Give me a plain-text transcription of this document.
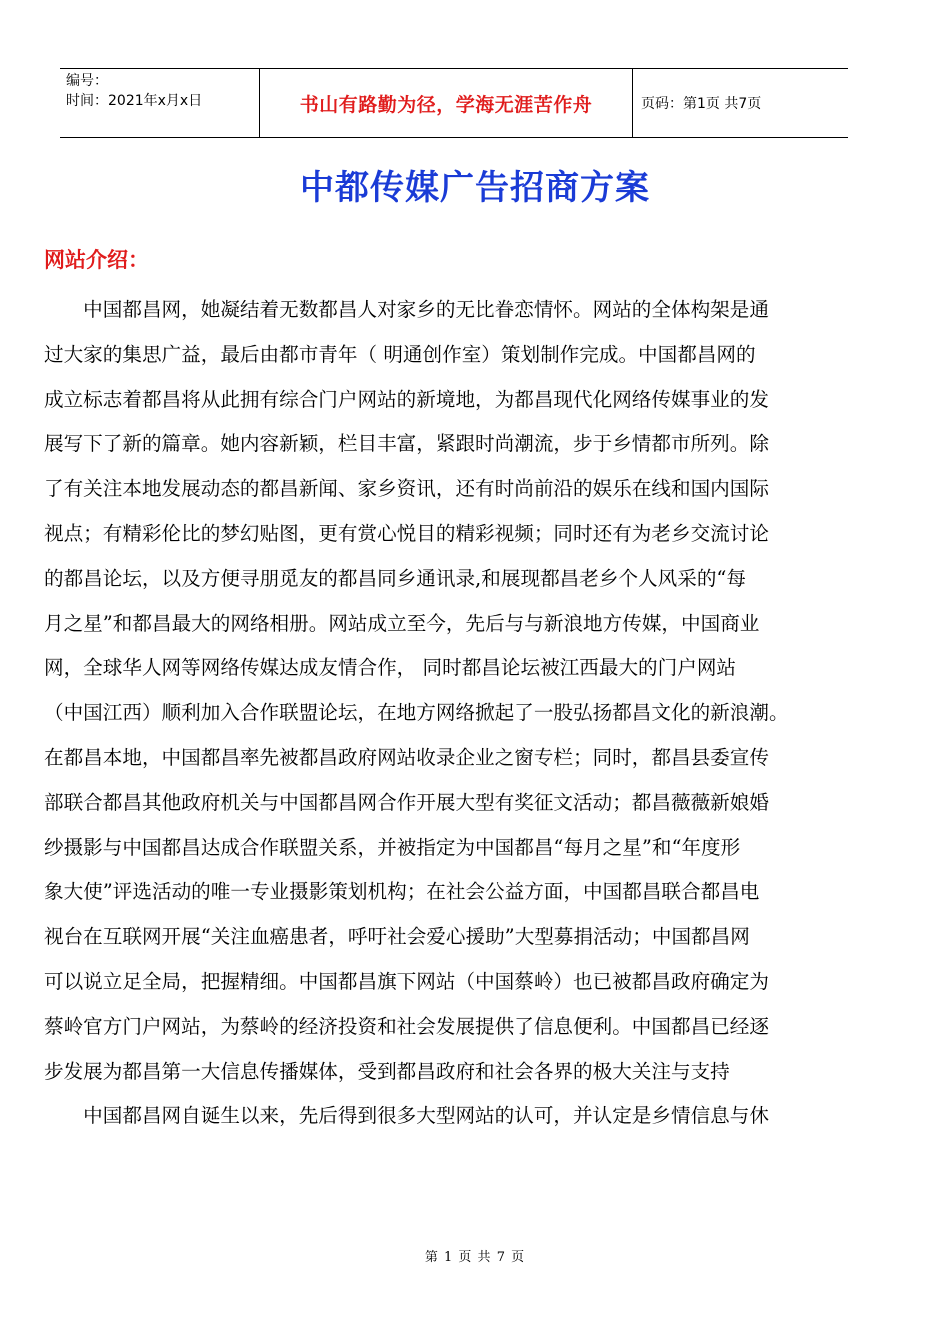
编号：
时间：2021年x月x日	书山有路勤为径，学海无涯苦作舟	页码：第1页 共7页
中都传媒广告招商方案
网站介绍：
　　中国都昌网，她凝结着无数都昌人对家乡的无比眷恋情怀。网站的全体构架是通
过大家的集思广益，最后由都市青年（ 明通创作室）策划制作完成。中国都昌网的
成立标志着都昌将从此拥有综合门户网站的新境地，为都昌现代化网络传媒事业的发
展写下了新的篇章。她内容新颖，栏目丰富，紧跟时尚潮流，步于乡情都市所列。除
了有关注本地发展动态的都昌新闻、家乡资讯，还有时尚前沿的娱乐在线和国内国际
视点；有精彩伦比的梦幻贴图，更有赏心悦目的精彩视频；同时还有为老乡交流讨论
的都昌论坛，以及方便寻朋觅友的都昌同乡通讯录,和展现都昌老乡个人风采的“每
月之星”和都昌最大的网络相册。网站成立至今，先后与与新浪地方传媒，中国商业
网，全球华人网等网络传媒达成友情合作， 同时都昌论坛被江西最大的门户网站
（中国江西）顺利加入合作联盟论坛，在地方网络掀起了一股弘扬都昌文化的新浪潮。
在都昌本地，中国都昌率先被都昌政府网站收录企业之窗专栏；同时，都昌县委宣传
部联合都昌其他政府机关与中国都昌网合作开展大型有奖征文活动；都昌薇薇新娘婚
纱摄影与中国都昌达成合作联盟关系，并被指定为中国都昌“每月之星”和“年度形
象大使”评选活动的唯一专业摄影策划机构；在社会公益方面，中国都昌联合都昌电
视台在互联网开展“关注血癌患者，呼吁社会爱心援助”大型募捐活动；中国都昌网
可以说立足全局，把握精细。中国都昌旗下网站（中国蔡岭）也已被都昌政府确定为
蔡岭官方门户网站，为蔡岭的经济投资和社会发展提供了信息便利。中国都昌已经逐
步发展为都昌第一大信息传播媒体，受到都昌政府和社会各界的极大关注与支持
　　中国都昌网自诞生以来，先后得到很多大型网站的认可，并认定是乡情信息与休
第 1 页 共 7 页
